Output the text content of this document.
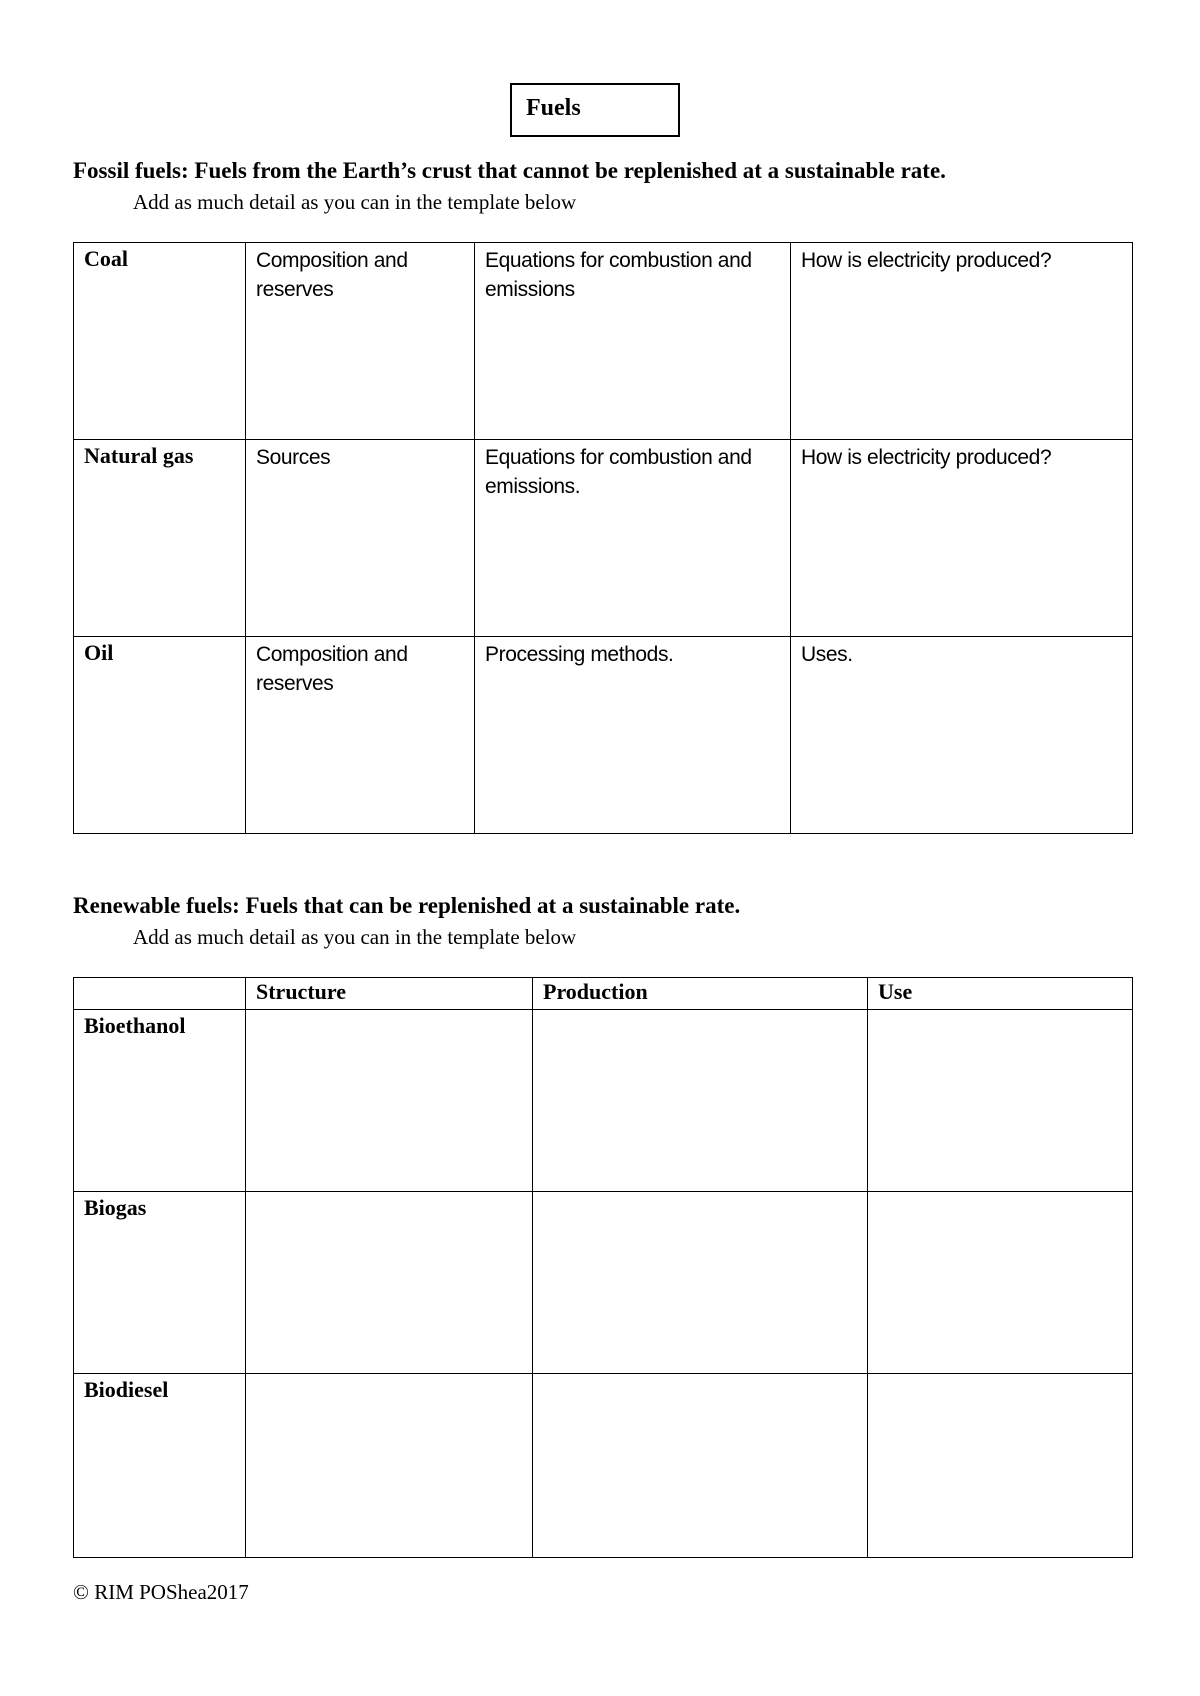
Fuels
Fossil fuels: Fuels from the Earth’s crust that cannot be replenished at a sustainable rate.
Add as much detail as you can in the template below
Coal	Composition and reserves	Equations for combustion and emissions	How is electricity produced?
Natural gas	Sources	Equations for combustion and emissions.	How is electricity produced?
Oil	Composition and reserves	Processing methods.	Uses.
Renewable fuels: Fuels that can be replenished at a sustainable rate.
Add as much detail as you can in the template below
	Structure	Production	Use
Bioethanol			
Biogas			
Biodiesel			
© RIM POShea2017
